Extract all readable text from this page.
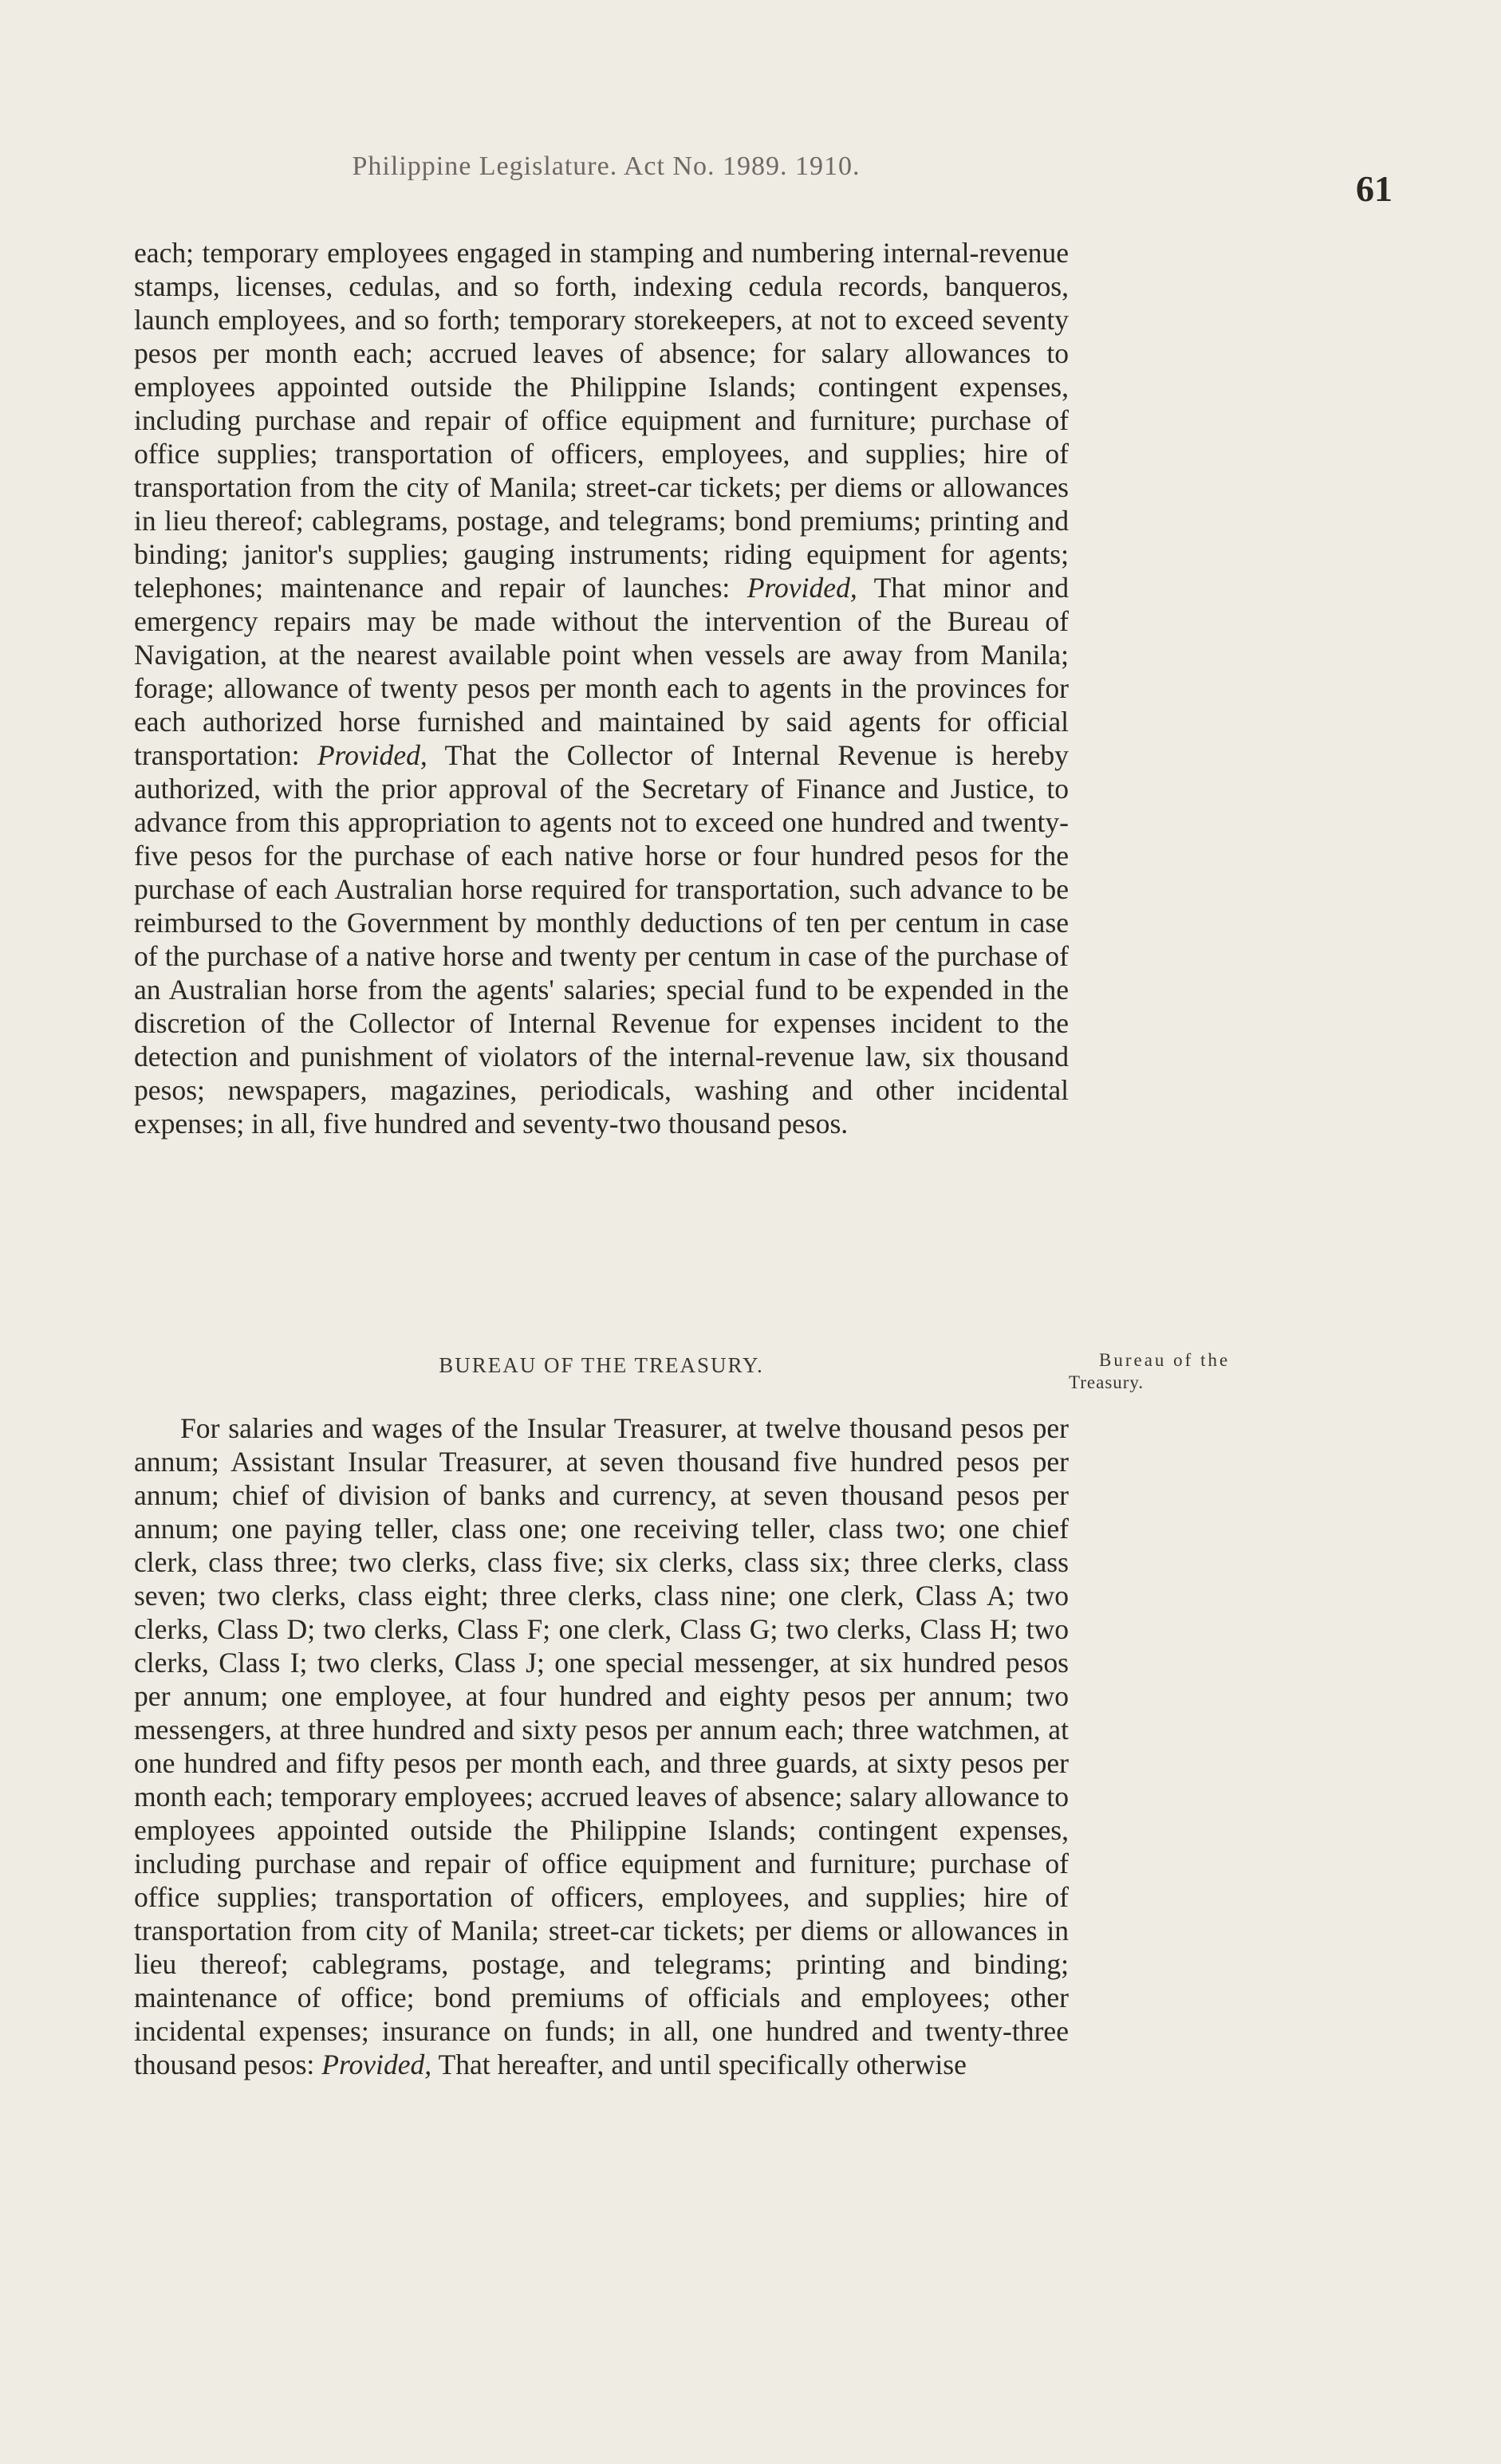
Philippine Legislature. Act No. 1989. 1910.
61

each; temporary employees engaged in stamping and numbering internal-revenue stamps, licenses, cedulas, and so forth, indexing cedula records, banqueros, launch employees, and so forth; temporary storekeepers, at not to exceed seventy pesos per month each; accrued leaves of absence; for salary allowances to employees appointed outside the Philippine Islands; contingent expenses, including purchase and repair of office equipment and furniture; purchase of office supplies; transportation of officers, employees, and supplies; hire of transportation from the city of Manila; street-car tickets; per diems or allowances in lieu thereof; cablegrams, postage, and telegrams; bond premiums; printing and binding; janitor's supplies; gauging instruments; riding equipment for agents; telephones; maintenance and repair of launches: Provided, That minor and emergency repairs may be made without the intervention of the Bureau of Navigation, at the nearest available point when vessels are away from Manila; forage; allowance of twenty pesos per month each to agents in the provinces for each authorized horse furnished and maintained by said agents for official transportation: Provided, That the Collector of Internal Revenue is hereby authorized, with the prior approval of the Secretary of Finance and Justice, to advance from this appropriation to agents not to exceed one hundred and twenty-five pesos for the purchase of each native horse or four hundred pesos for the purchase of each Australian horse required for transportation, such advance to be reimbursed to the Government by monthly deductions of ten per centum in case of the purchase of a native horse and twenty per centum in case of the purchase of an Australian horse from the agents' salaries; special fund to be expended in the discretion of the Collector of Internal Revenue for expenses incident to the detection and punishment of violators of the internal-revenue law, six thousand pesos; newspapers, magazines, periodicals, washing and other incidental expenses; in all, five hundred and seventy-two thousand pesos.

BUREAU OF THE TREASURY.	Bureau of the
Treasury.

For salaries and wages of the Insular Treasurer, at twelve thousand pesos per annum; Assistant Insular Treasurer, at seven thousand five hundred pesos per annum; chief of division of banks and currency, at seven thousand pesos per annum; one paying teller, class one; one receiving teller, class two; one chief clerk, class three; two clerks, class five; six clerks, class six; three clerks, class seven; two clerks, class eight; three clerks, class nine; one clerk, Class A; two clerks, Class D; two clerks, Class F; one clerk, Class G; two clerks, Class H; two clerks, Class I; two clerks, Class J; one special messenger, at six hundred pesos per annum; one employee, at four hundred and eighty pesos per annum; two messengers, at three hundred and sixty pesos per annum each; three watchmen, at one hundred and fifty pesos per month each, and three guards, at sixty pesos per month each; temporary employees; accrued leaves of absence; salary allowance to employees appointed outside the Philippine Islands; contingent expenses, including purchase and repair of office equipment and furniture; purchase of office supplies; transportation of officers, employees, and supplies; hire of transportation from city of Manila; street-car tickets; per diems or allowances in lieu thereof; cablegrams, postage, and telegrams; printing and binding; maintenance of office; bond premiums of officials and employees; other incidental expenses; insurance on funds; in all, one hundred and twenty-three thousand pesos: Provided, That hereafter, and until specifically otherwise
